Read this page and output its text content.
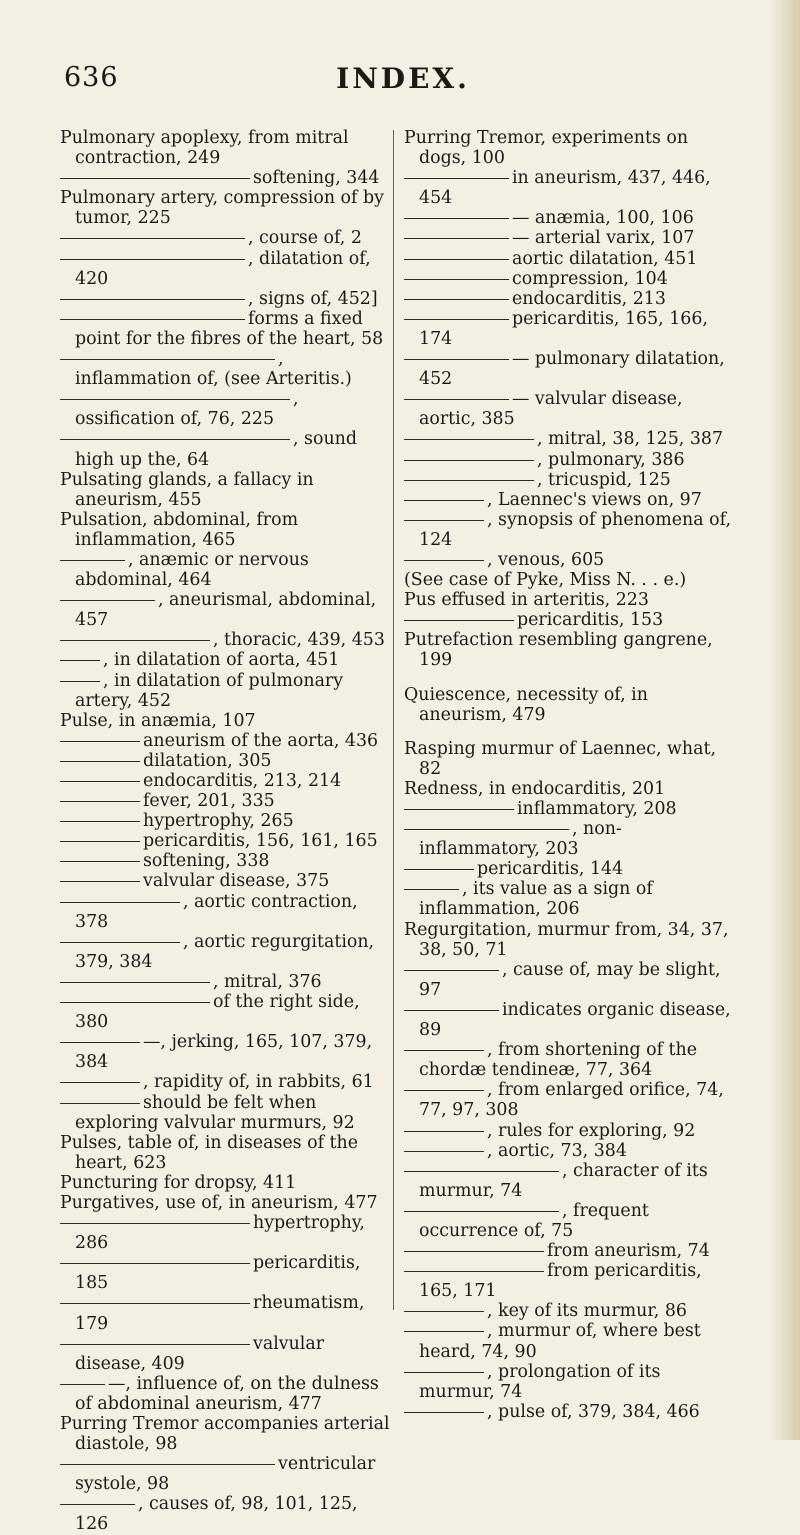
636	INDEX.

Pulmonary apoplexy, from mitral contraction, 249

softening, 344

Pulmonary artery, compression of by tumor, 225

, course of, 2

, dilatation of, 420

, signs of, 452]

forms a fixed point for the fibres of the heart, 58

, inflammation of, (see Arteritis.)

, ossification of, 76, 225

, sound high up the, 64

Pulsating glands, a fallacy in aneurism, 455

Pulsation, abdominal, from inflammation, 465

, anæmic or nervous abdominal, 464

, aneurismal, abdominal, 457

, thoracic, 439, 453

, in dilatation of aorta, 451

, in dilatation of pulmonary artery, 452

Pulse, in anæmia, 107

aneurism of the aorta, 436

dilatation, 305

endocarditis, 213, 214

fever, 201, 335

hypertrophy, 265

pericarditis, 156, 161, 165

softening, 338

valvular disease, 375

, aortic contraction, 378

, aortic regurgitation, 379, 384

, mitral, 376

of the right side, 380

—, jerking, 165, 107, 379, 384

, rapidity of, in rabbits, 61

should be felt when exploring valvular murmurs, 92

Pulses, table of, in diseases of the heart, 623

Puncturing for dropsy, 411

Purgatives, use of, in aneurism, 477

hypertrophy, 286

pericarditis, 185

rheumatism, 179

valvular disease, 409

—, influence of, on the dulness of abdominal aneurism, 477

Purring Tremor accompanies arterial diastole, 98

ventricular systole, 98

, causes of, 98, 101, 125, 126

Purring Tremor, experiments on dogs, 100

in aneurism, 437, 446, 454

— anæmia, 100, 106

— arterial varix, 107

aortic dilatation, 451

compression, 104

endocarditis, 213

pericarditis, 165, 166, 174

— pulmonary dilatation, 452

— valvular disease, aortic, 385

, mitral, 38, 125, 387

, pulmonary, 386

, tricuspid, 125

, Laennec's views on, 97

, synopsis of phenomena of, 124

, venous, 605

(See case of Pyke, Miss N. . . e.)

Pus effused in arteritis, 223

pericarditis, 153

Putrefaction resembling gangrene, 199

Quiescence, necessity of, in aneurism, 479

Rasping murmur of Laennec, what, 82

Redness, in endocarditis, 201

inflammatory, 208

, non-inflammatory, 203

pericarditis, 144

, its value as a sign of inflammation, 206

Regurgitation, murmur from, 34, 37, 38, 50, 71

, cause of, may be slight, 97

indicates organic disease, 89

, from shortening of the chordæ tendineæ, 77, 364

, from enlarged orifice, 74, 77, 97, 308

, rules for exploring, 92

, aortic, 73, 384

, character of its murmur, 74

, frequent occurrence of, 75

from aneurism, 74

from pericarditis, 165, 171

, key of its murmur, 86

, murmur of, where best heard, 74, 90

, prolongation of its murmur, 74

, pulse of, 379, 384, 466
